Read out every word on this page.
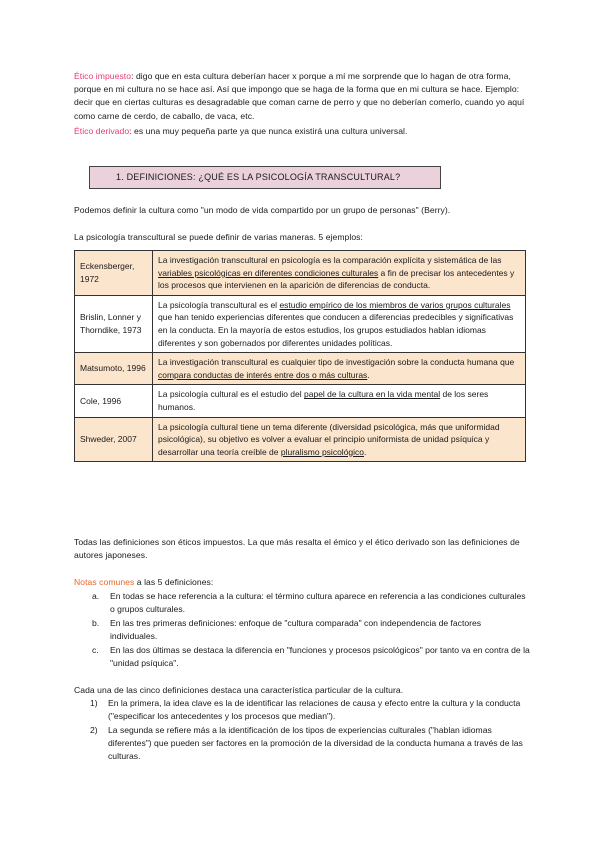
Ético impuesto: digo que en esta cultura deberían hacer x porque a mí me sorprende que lo hagan de otra forma, porque en mi cultura no se hace así. Así que impongo que se haga de la forma que en mi cultura se hace. Ejemplo: decir que en ciertas culturas es desagradable que coman carne de perro y que no deberían comerlo, cuando yo aquí como carne de cerdo, de caballo, de vaca, etc.
Ético derivado: es una muy pequeña parte ya que nunca existirá una cultura universal.
1. DEFINICIONES: ¿QUÉ ES LA PSICOLOGÍA TRANSCULTURAL?
Podemos definir la cultura como "un modo de vida compartido por un grupo de personas" (Berry).
La psicología transcultural se puede definir de varias maneras. 5 ejemplos:
Eckensberger, 1972	La investigación transcultural en psicología es la comparación explícita y sistemática de las variables psicológicas en diferentes condiciones culturales a fin de precisar los antecedentes y los procesos que intervienen en la aparición de diferencias de conducta.
Brislin, Lonner y Thorndike, 1973	La psicología transcultural es el estudio empírico de los miembros de varios grupos culturales que han tenido experiencias diferentes que conducen a diferencias predecibles y significativas en la conducta. En la mayoría de estos estudios, los grupos estudiados hablan idiomas diferentes y son gobernados por diferentes unidades políticas.
Matsumoto, 1996	La investigación transcultural es cualquier tipo de investigación sobre la conducta humana que compara conductas de interés entre dos o más culturas.
Cole, 1996	La psicología cultural es el estudio del papel de la cultura en la vida mental de los seres humanos.
Shweder, 2007	La psicología cultural tiene un tema diferente (diversidad psicológica, más que uniformidad psicológica), su objetivo es volver a evaluar el principio uniformista de unidad psíquica y desarrollar una teoría creíble de pluralismo psicológico.
Todas las definiciones son éticos impuestos. La que más resalta el émico y el ético derivado son las definiciones de autores japoneses.
Notas comunes a las 5 definiciones:
a. En todas se hace referencia a la cultura: el término cultura aparece en referencia a las condiciones culturales o grupos culturales.
b. En las tres primeras definiciones: enfoque de "cultura comparada" con independencia de factores individuales.
c. En las dos últimas se destaca la diferencia en "funciones y procesos psicológicos" por tanto va en contra de la "unidad psíquica".
Cada una de las cinco definiciones destaca una característica particular de la cultura.
1) En la primera, la idea clave es la de identificar las relaciones de causa y efecto entre la cultura y la conducta ("especificar los antecedentes y los procesos que median").
2) La segunda se refiere más a la identificación de los tipos de experiencias culturales ("hablan idiomas diferentes") que pueden ser factores en la promoción de la diversidad de la conducta humana a través de las culturas.
